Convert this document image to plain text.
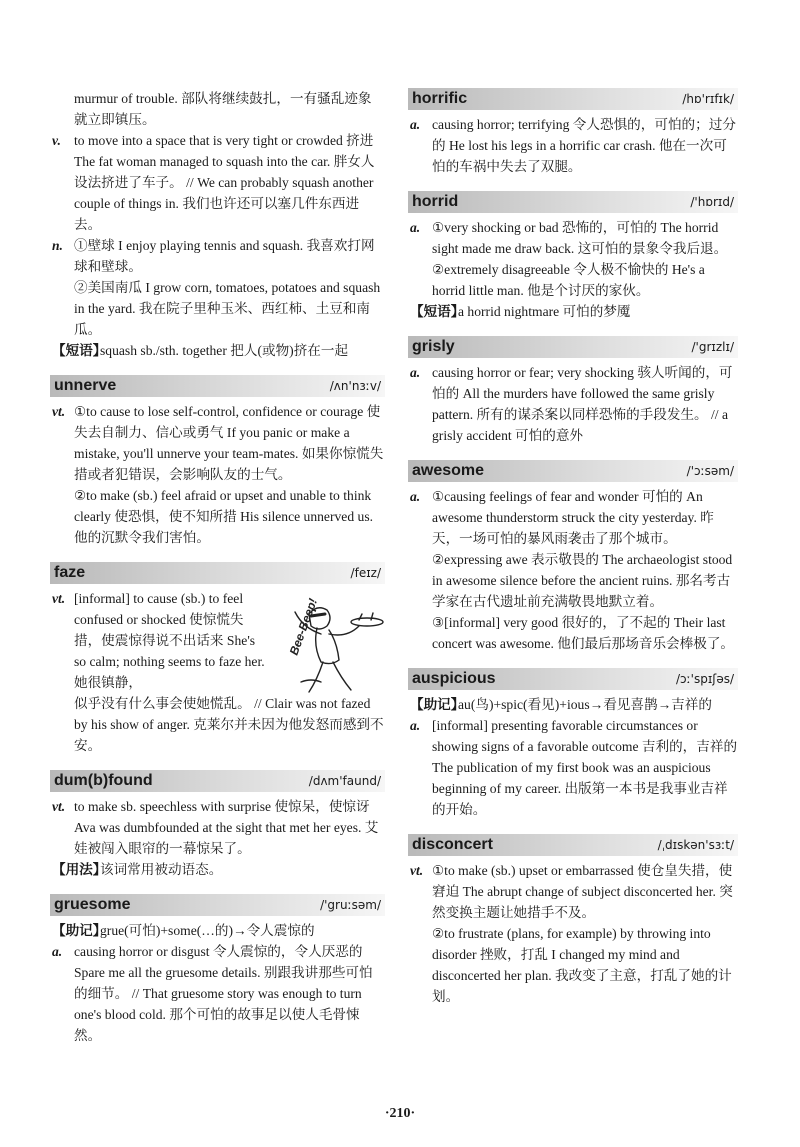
murmur of trouble. 部队将继续鼓扎，一有骚乱迹象就立即镇压。

v. to move into a space that is very tight or crowded 挤进 The fat woman managed to squash into the car. 胖女人设法挤进了车子。 // We can probably squash another couple of things in. 我们也许还可以塞几件东西进去。

n. ①壁球 I enjoy playing tennis and squash. 我喜欢打网球和壁球。

②美国南瓜 I grow corn, tomatoes, potatoes and squash in the yard. 我在院子里种玉米、西红柿、土豆和南瓜。

【短语】
squash sb./sth. together 把人(或物)挤在一起

unnerve	/ʌn'nɜːv/

vt. ①to cause to lose self-control, confidence or courage 使失去自制力、信心或勇气 If you panic or make a mistake, you'll unnerve your team-mates. 如果你惊慌失措或者犯错误，会影响队友的士气。

②to make (sb.) feel afraid or upset and unable to think clearly 使恐惧，使不知所措 His silence unnerved us. 他的沉默令我们害怕。

faze	/feɪz/
Bee-Beep!

vt. [informal] to cause (sb.) to feel confused or shocked 使惊慌失措，使震惊得说不出话来 She's so calm; nothing seems to faze her. 她很镇静，

似乎没有什么事会使她慌乱。 // Clair was not fazed by his show of anger. 克莱尔并未因为他发怒而感到不安。

dum(b)found	/dʌm'faund/

vt. to make sb. speechless with surprise 使惊呆，使惊讶 Ava was dumbfounded at the sight that met her eyes. 艾娃被闯入眼帘的一幕惊呆了。

【用法】
该词常用被动语态。

gruesome	/'gruːsəm/

【助记】
grue(可怕)+some(…的)→令人震惊的

a. causing horror or disgust 令人震惊的，令人厌恶的 Spare me all the gruesome details. 别跟我讲那些可怕的细节。 // That gruesome story was enough to turn one's blood cold. 那个可怕的故事足以使人毛骨悚然。

horrific	/hɒ'rɪfɪk/

a. causing horror; terrifying 令人恐惧的，可怕的；过分的 He lost his legs in a horrific car crash. 他在一次可怕的车祸中失去了双腿。

horrid	/'hɒrɪd/

a. ①very shocking or bad 恐怖的，可怕的 The horrid sight made me draw back. 这可怕的景象令我后退。

②extremely disagreeable 令人极不愉快的 He's a horrid little man. 他是个讨厌的家伙。

【短语】
a horrid nightmare 可怕的梦魇

grisly	/'grɪzlɪ/

a. causing horror or fear; very shocking 骇人听闻的，可怕的 All the murders have followed the same grisly pattern. 所有的谋杀案以同样恐怖的手段发生。 // a grisly accident 可怕的意外

awesome	/'ɔːsəm/

a. ①causing feelings of fear and wonder 可怕的 An awesome thunderstorm struck the city yesterday. 昨天，一场可怕的暴风雨袭击了那个城市。

②expressing awe 表示敬畏的 The archaeologist stood in awesome silence before the ancient ruins. 那名考古学家在古代遗址前充满敬畏地默立着。

③[informal] very good 很好的，了不起的 Their last concert was awesome. 他们最后那场音乐会棒极了。

auspicious	/ɔː'spɪʃəs/

【助记】
au(鸟)+spic(看见)+ious→看见喜鹊→吉祥的

a. [informal] presenting favorable circumstances or showing signs of a favorable outcome 吉利的，吉祥的 The publication of my first book was an auspicious beginning of my career. 出版第一本书是我事业吉祥的开始。

disconcert	/ˌdɪskən'sɜːt/

vt. ①to make (sb.) upset or embarrassed 使仓皇失措，使窘迫 The abrupt change of subject disconcerted her. 突然变换主题让她措手不及。

②to frustrate (plans, for example) by throwing into disorder 挫败，打乱 I changed my mind and disconcerted her plan. 我改变了主意，打乱了她的计划。

·210·
